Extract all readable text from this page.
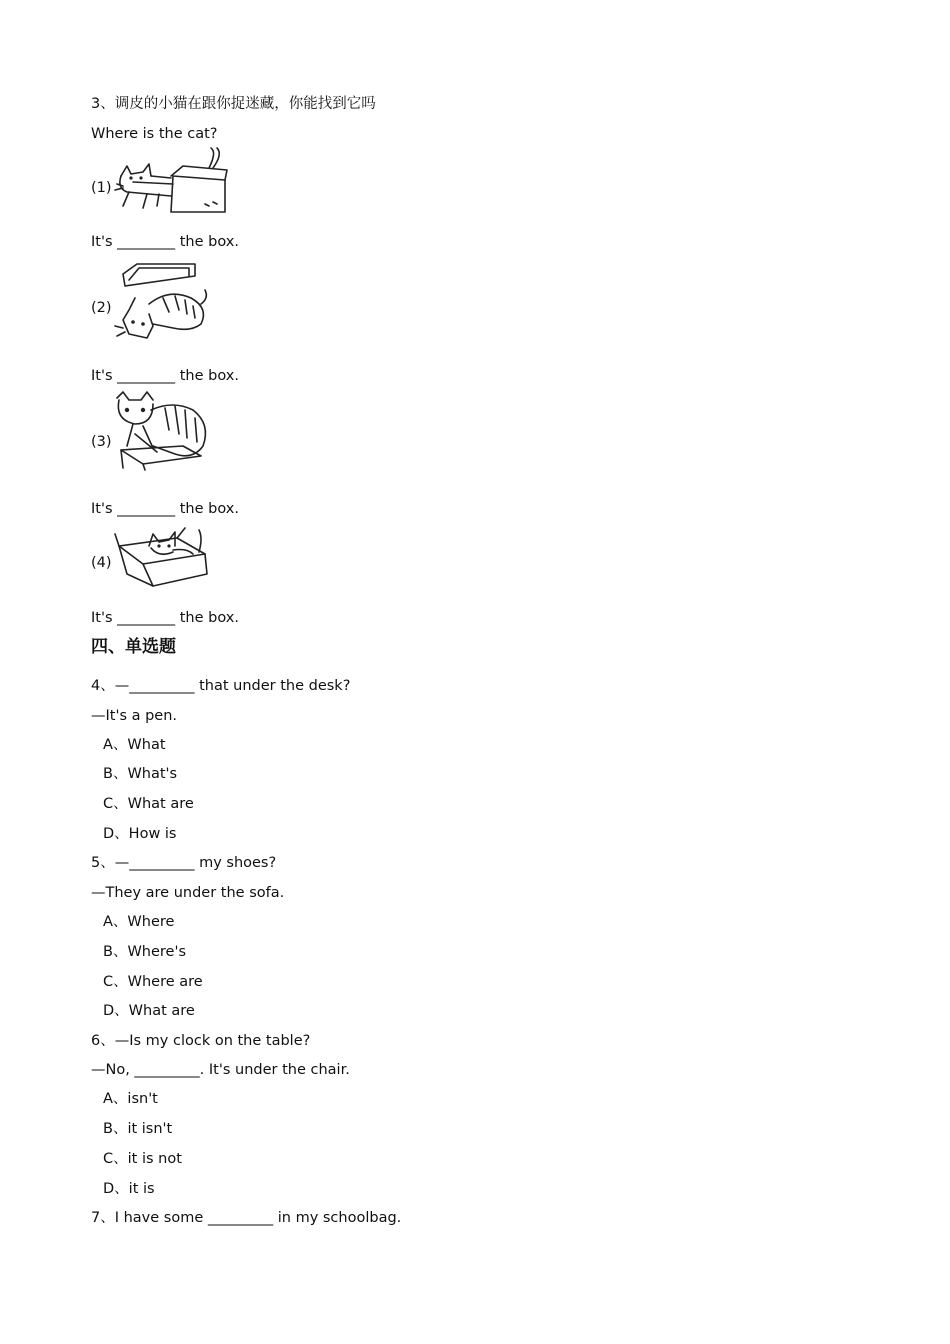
3、调皮的小猫在跟你捉迷藏，你能找到它吗
Where is the cat?
(1)
It's ________ the box.
(2)
It's ________ the box.
(3)
It's ________ the box.
(4)
It's ________ the box.
四、单选题
4、—_________ that under the desk?
—It's a pen.
A、What
B、What's
C、What are
D、How is
5、—_________ my shoes?
—They are under the sofa.
A、Where
B、Where's
C、Where are
D、What are
6、—Is my clock on the table?
—No, _________. It's under the chair.
A、isn't
B、it isn't
C、it is not
D、it is
7、I have some _________ in my schoolbag.
